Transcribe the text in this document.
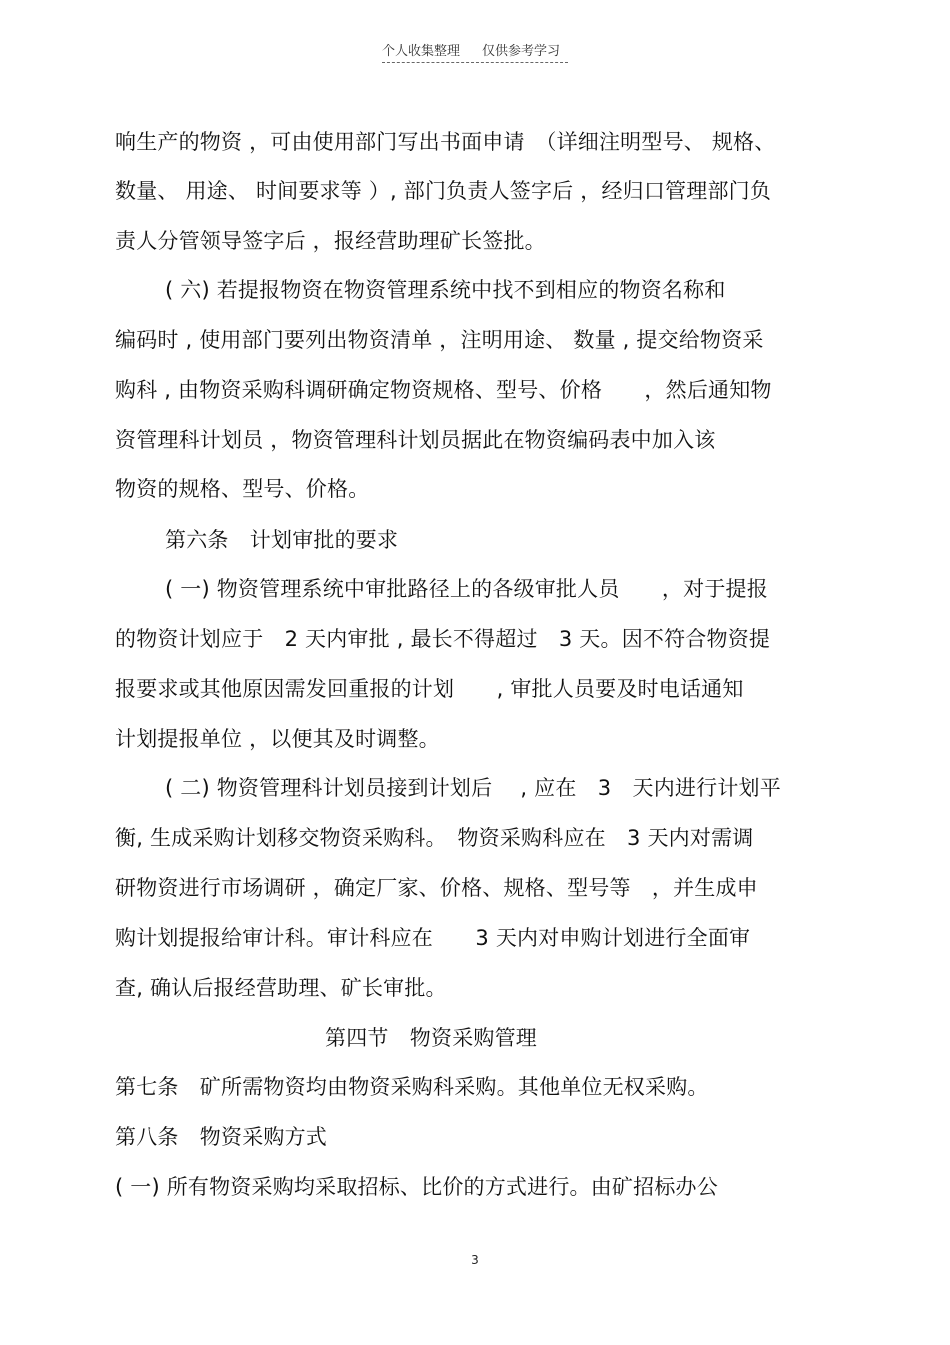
个人收集整理 仅供参考学习
响生产的物资 ，可由使用部门写出书面申请　（详细注明型号、 规格、
数量、 用途、 时间要求等 ）, 部门负责人签字后 ，经归口管理部门负
责人分管领导签字后 ，报经营助理矿长签批。
( 六) 若提报物资在物资管理系统中找不到相应的物资名称和
编码时 , 使用部门要列出物资清单 ，注明用途、 数量 , 提交给物资采
购科 , 由物资采购科调研确定物资规格、型号、价格　　，然后通知物
资管理科计划员 ，物资管理科计划员据此在物资编码表中加入该
物资的规格、型号、价格。
第六条　计划审批的要求
( 一) 物资管理系统中审批路径上的各级审批人员　　，对于提报
的物资计划应于　2 天内审批 , 最长不得超过　3 天。因不符合物资提
报要求或其他原因需发回重报的计划　　, 审批人员要及时电话通知
计划提报单位 ，以便其及时调整。
( 二) 物资管理科计划员接到计划后　 , 应在　3　天内进行计划平
衡, 生成采购计划移交物资采购科。　物资采购科应在　3 天内对需调
研物资进行市场调研 ，确定厂家、价格、规格、型号等　，并生成申
购计划提报给审计科。审计科应在　　3 天内对申购计划进行全面审
查, 确认后报经营助理、矿长审批。
第四节　物资采购管理
第七条　矿所需物资均由物资采购科采购。其他单位无权采购。
第八条　物资采购方式
( 一) 所有物资采购均采取招标、比价的方式进行。由矿招标办公
3
